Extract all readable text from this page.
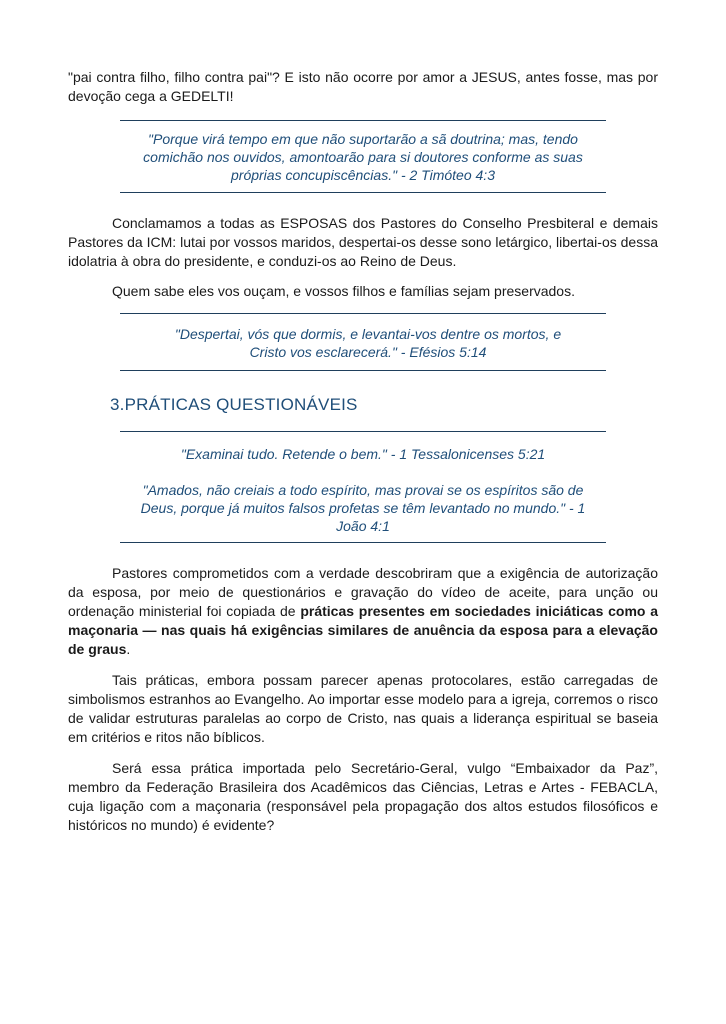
"pai contra filho, filho contra pai"? E isto não ocorre por amor a JESUS, antes fosse, mas por devoção cega a GEDELTI!

"Porque virá tempo em que não suportarão a sã doutrina; mas, tendo comichão nos ouvidos, amontoarão para si doutores conforme as suas próprias concupiscências." - 2 Timóteo 4:3

Conclamamos a todas as ESPOSAS dos Pastores do Conselho Presbiteral e demais Pastores da ICM: lutai por vossos maridos, despertai-os desse sono letárgico, libertai-os dessa idolatria à obra do presidente, e conduzi-os ao Reino de Deus.

Quem sabe eles vos ouçam, e vossos filhos e famílias sejam preservados.

"Despertai, vós que dormis, e levantai-vos dentre os mortos, e Cristo vos esclarecerá." - Efésios 5:14
3.PRÁTICAS QUESTIONÁVEIS
"Examinai tudo. Retende o bem." - 1 Tessalonicenses 5:21
"Amados, não creiais a todo espírito, mas provai se os espíritos são de Deus, porque já muitos falsos profetas se têm levantado no mundo." - 1 João 4:1

Pastores comprometidos com a verdade descobriram que a exigência de autorização da esposa, por meio de questionários e gravação do vídeo de aceite, para unção ou ordenação ministerial foi copiada de práticas presentes em sociedades iniciáticas como a maçonaria — nas quais há exigências similares de anuência da esposa para a elevação de graus.

Tais práticas, embora possam parecer apenas protocolares, estão carregadas de simbolismos estranhos ao Evangelho. Ao importar esse modelo para a igreja, corremos o risco de validar estruturas paralelas ao corpo de Cristo, nas quais a liderança espiritual se baseia em critérios e ritos não bíblicos.

Será essa prática importada pelo Secretário-Geral, vulgo “Embaixador da Paz”, membro da Federação Brasileira dos Acadêmicos das Ciências, Letras e Artes - FEBACLA, cuja ligação com a maçonaria (responsável pela propagação dos altos estudos filosóficos e históricos no mundo) é evidente?
